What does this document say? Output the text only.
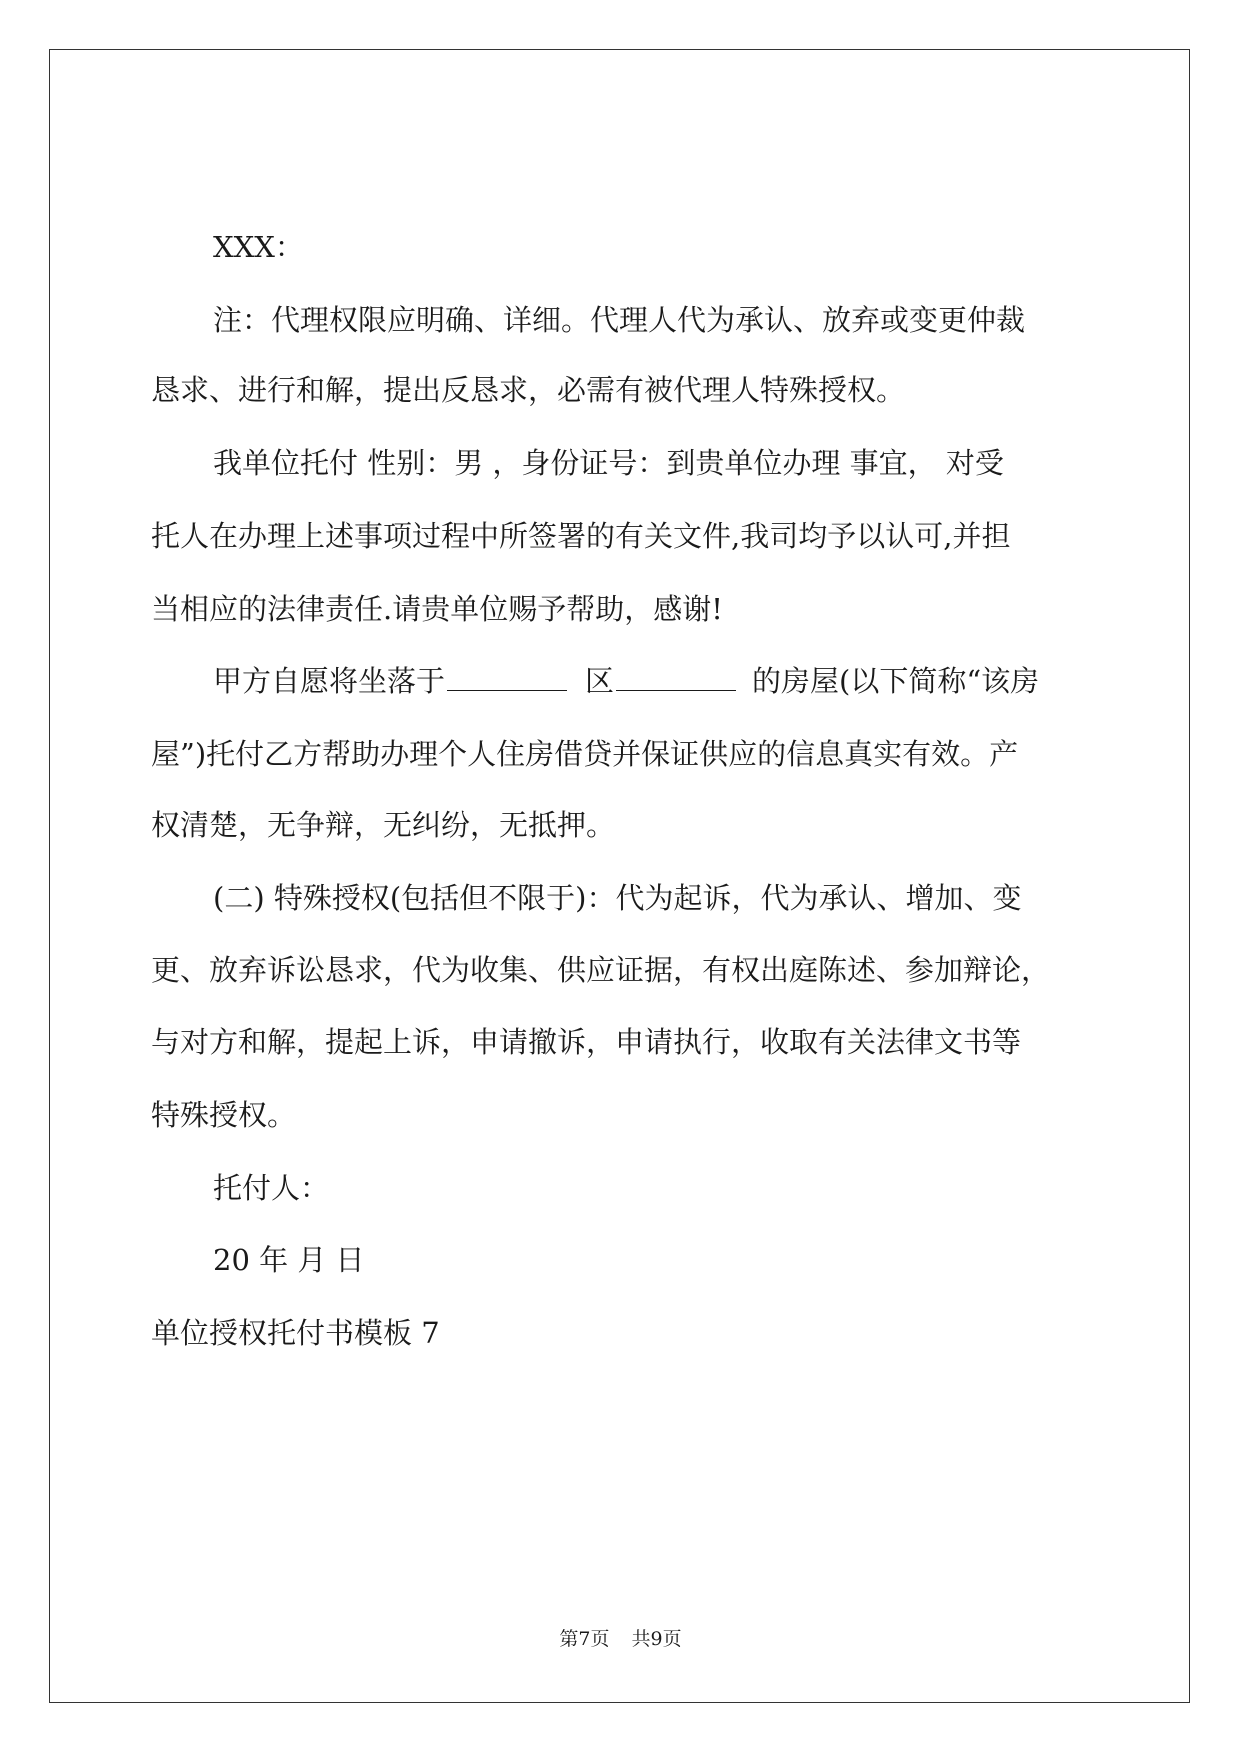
XXX：
注：代理权限应明确、详细。代理人代为承认、放弃或变更仲裁
恳求、进行和解，提出反恳求，必需有被代理人特殊授权。
我单位托付 性别：男 ，身份证号：到贵单位办理 事宜， 对受
托人在办理上述事项过程中所签署的有关文件,我司均予以认可,并担
当相应的法律责任.请贵单位赐予帮助，感谢!
甲方自愿将坐落于	区	的房屋(以下简称“该房
屋”)托付乙方帮助办理个人住房借贷并保证供应的信息真实有效。产
权清楚，无争辩，无纠纷，无抵押。
(二) 特殊授权(包括但不限于)：代为起诉，代为承认、增加、变
更、放弃诉讼恳求，代为收集、供应证据，有权出庭陈述、参加辩论，
与对方和解，提起上诉，申请撤诉，申请执行，收取有关法律文书等
特殊授权。
托付人：
20 年 月 日
单位授权托付书模板 7
第7页 共9页
